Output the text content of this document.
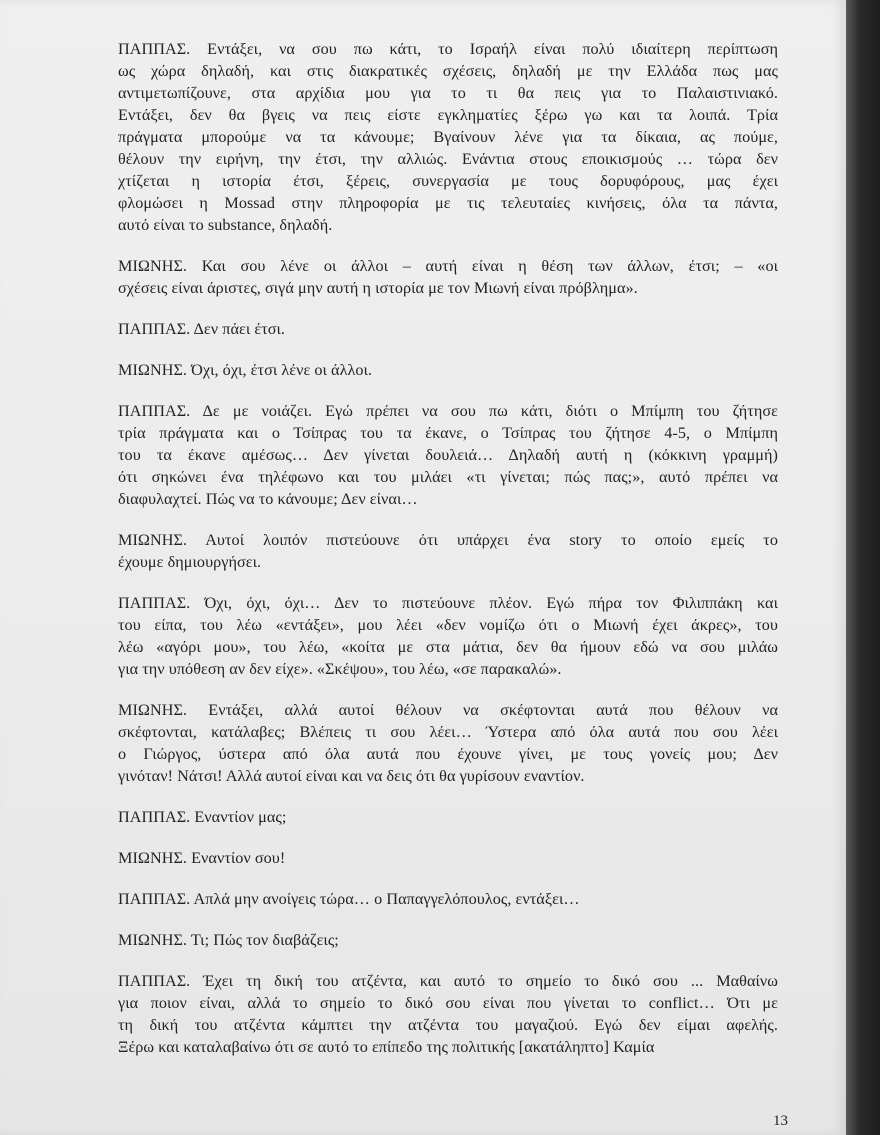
ΠΑΠΠΑΣ. Εντάξει, να σου πω κάτι, το Ισραήλ είναι πολύ ιδιαίτερη περίπτωση
ως χώρα δηλαδή, και στις διακρατικές σχέσεις, δηλαδή με την Ελλάδα πως μας
αντιμετωπίζουνε, στα αρχίδια μου για το τι θα πεις για το Παλαιστινιακό.
Εντάξει, δεν θα βγεις να πεις είστε εγκληματίες ξέρω γω και τα λοιπά. Τρία
πράγματα μπορούμε να τα κάνουμε; Βγαίνουν λένε για τα δίκαια, ας πούμε,
θέλουν την ειρήνη, την έτσι, την αλλιώς. Ενάντια στους εποικισμούς … τώρα δεν
χτίζεται η ιστορία έτσι, ξέρεις, συνεργασία με τους δορυφόρους, μας έχει
φλομώσει η Mossad στην πληροφορία με τις τελευταίες κινήσεις, όλα τα πάντα,
αυτό είναι το substance, δηλαδή.

ΜΙΩΝΗΣ. Και σου λένε οι άλλοι – αυτή είναι η θέση των άλλων, έτσι; – «οι
σχέσεις είναι άριστες, σιγά μην αυτή η ιστορία με τον Μιωνή είναι πρόβλημα».

ΠΑΠΠΑΣ. Δεν πάει έτσι.

ΜΙΩΝΗΣ. Όχι, όχι, έτσι λένε οι άλλοι.

ΠΑΠΠΑΣ. Δε με νοιάζει. Εγώ πρέπει να σου πω κάτι, διότι ο Μπίμπη του ζήτησε
τρία πράγματα και ο Τσίπρας του τα έκανε, ο Τσίπρας του ζήτησε 4-5, ο Μπίμπη
του τα έκανε αμέσως… Δεν γίνεται δουλειά… Δηλαδή αυτή η (κόκκινη γραμμή)
ότι σηκώνει ένα τηλέφωνο και του μιλάει «τι γίνεται; πώς πας;», αυτό πρέπει να
διαφυλαχτεί. Πώς να το κάνουμε; Δεν είναι…

ΜΙΩΝΗΣ. Αυτοί λοιπόν πιστεύουνε ότι υπάρχει ένα story το οποίο εμείς το
έχουμε δημιουργήσει.

ΠΑΠΠΑΣ. Όχι, όχι, όχι… Δεν το πιστεύουνε πλέον. Εγώ πήρα τον Φιλιππάκη και
του είπα, του λέω «εντάξει», μου λέει «δεν νομίζω ότι ο Μιωνή έχει άκρες», του
λέω «αγόρι μου», του λέω, «κοίτα με στα μάτια, δεν θα ήμουν εδώ να σου μιλάω
για την υπόθεση αν δεν είχε». «Σκέψου», του λέω, «σε παρακαλώ».

ΜΙΩΝΗΣ. Εντάξει, αλλά αυτοί θέλουν να σκέφτονται αυτά που θέλουν να
σκέφτονται, κατάλαβες; Βλέπεις τι σου λέει… Ύστερα από όλα αυτά που σου λέει
ο Γιώργος, ύστερα από όλα αυτά που έχουνε γίνει, με τους γονείς μου; Δεν
γινόταν! Νάτσι! Αλλά αυτοί είναι και να δεις ότι θα γυρίσουν εναντίον.

ΠΑΠΠΑΣ. Εναντίον μας;

ΜΙΩΝΗΣ. Εναντίον σου!

ΠΑΠΠΑΣ. Απλά μην ανοίγεις τώρα… ο Παπαγγελόπουλος, εντάξει…

ΜΙΩΝΗΣ. Τι; Πώς τον διαβάζεις;

ΠΑΠΠΑΣ. Έχει τη δική του ατζέντα, και αυτό το σημείο το δικό σου ... Μαθαίνω
για ποιον είναι, αλλά το σημείο το δικό σου είναι που γίνεται το conflict… Ότι με
τη δική του ατζέντα κάμπτει την ατζέντα του μαγαζιού. Εγώ δεν είμαι αφελής.
Ξέρω και καταλαβαίνω ότι σε αυτό το επίπεδο της πολιτικής [ακατάληπτο] Καμία

13
